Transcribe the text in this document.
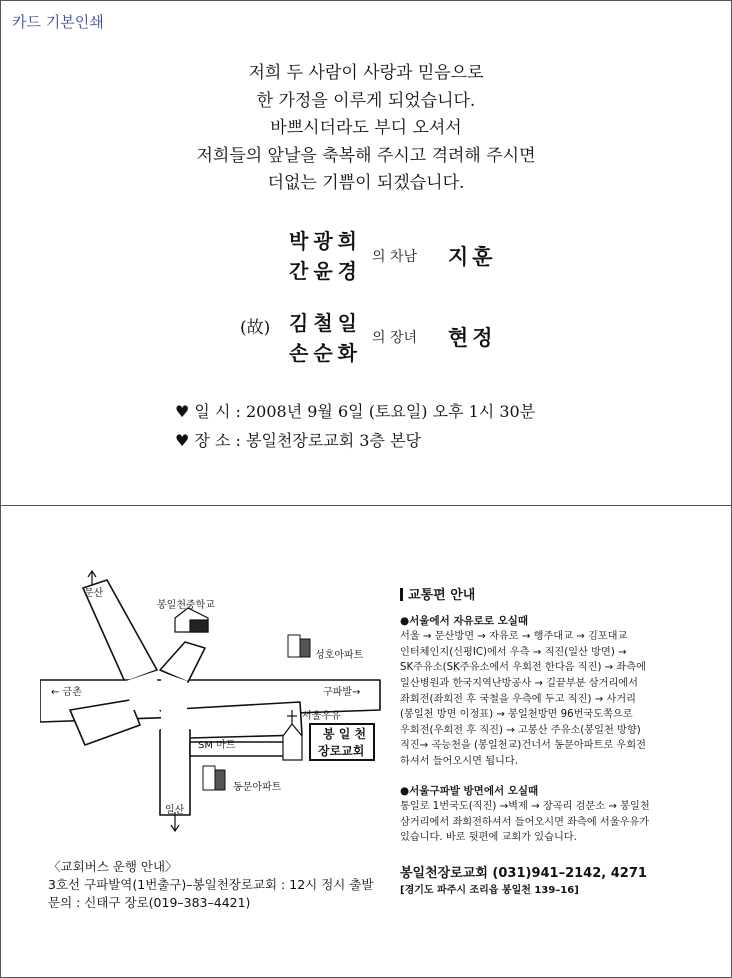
카드 기본인쇄
저희 두 사람이 사랑과 믿음으로
한 가정을 이루게 되었습니다.
바쁘시더라도 부디 오셔서
저희들의 앞날을 축복해 주시고 격려해 주시면
더없는 기쁨이 되겠습니다.
박광희
간윤경
의 차남 지훈
(故) 김철일
손순화
의 장녀 현정
♥ 일 시 : 2008년 9월 6일 (토요일) 오후 1시 30분
♥ 장 소 : 봉일천장로교회 3층 본당
문산
봉일천중학교
성호아파트
← 금촌	구파발→
서울우유
봉 일 천
장로교회
SM 마트
동문아파트
일산
〈교회버스 운행 안내〉
3호선 구파발역(1번출구)–봉일천장로교회 : 12시 정시 출발
문의 : 신태구 장로(019–383–4421)
교통편 안내
●서울에서 자유로로 오실때
서울 → 문산방면 → 자유로 → 행주대교 → 김포대교
인터체인지(신평IC)에서 우측 → 직진(일산 방면) →
SK주유소(SK주유소에서 우회전 한다음 직진) → 좌측에
일산병원과 한국지역난방공사 → 길끝부분 삼거리에서
좌회전(좌회전 후 국철을 우측에 두고 직진) → 사거리
(봉일천 방면 이정표) → 봉일천방면 96번국도쪽으로
우회전(우회전 후 직진) → 고봉산 주유소(봉일천 방향)
직진→ 곡능천을 (봉일천교)건너서 동문아파트로 우회전
하셔서 들어오시면 됩니다.
●서울구파발 방면에서 오실때
통일로 1번국도(직진) →벽제 → 장곡리 검문소 → 봉일천
삼거리에서 좌회전하셔서 들어오시면 좌측에 서울우유가
있습니다. 바로 뒷편에 교회가 있습니다.
봉일천장로교회 (031)941–2142, 4271
[경기도 파주시 조리읍 봉일천 139–16]
